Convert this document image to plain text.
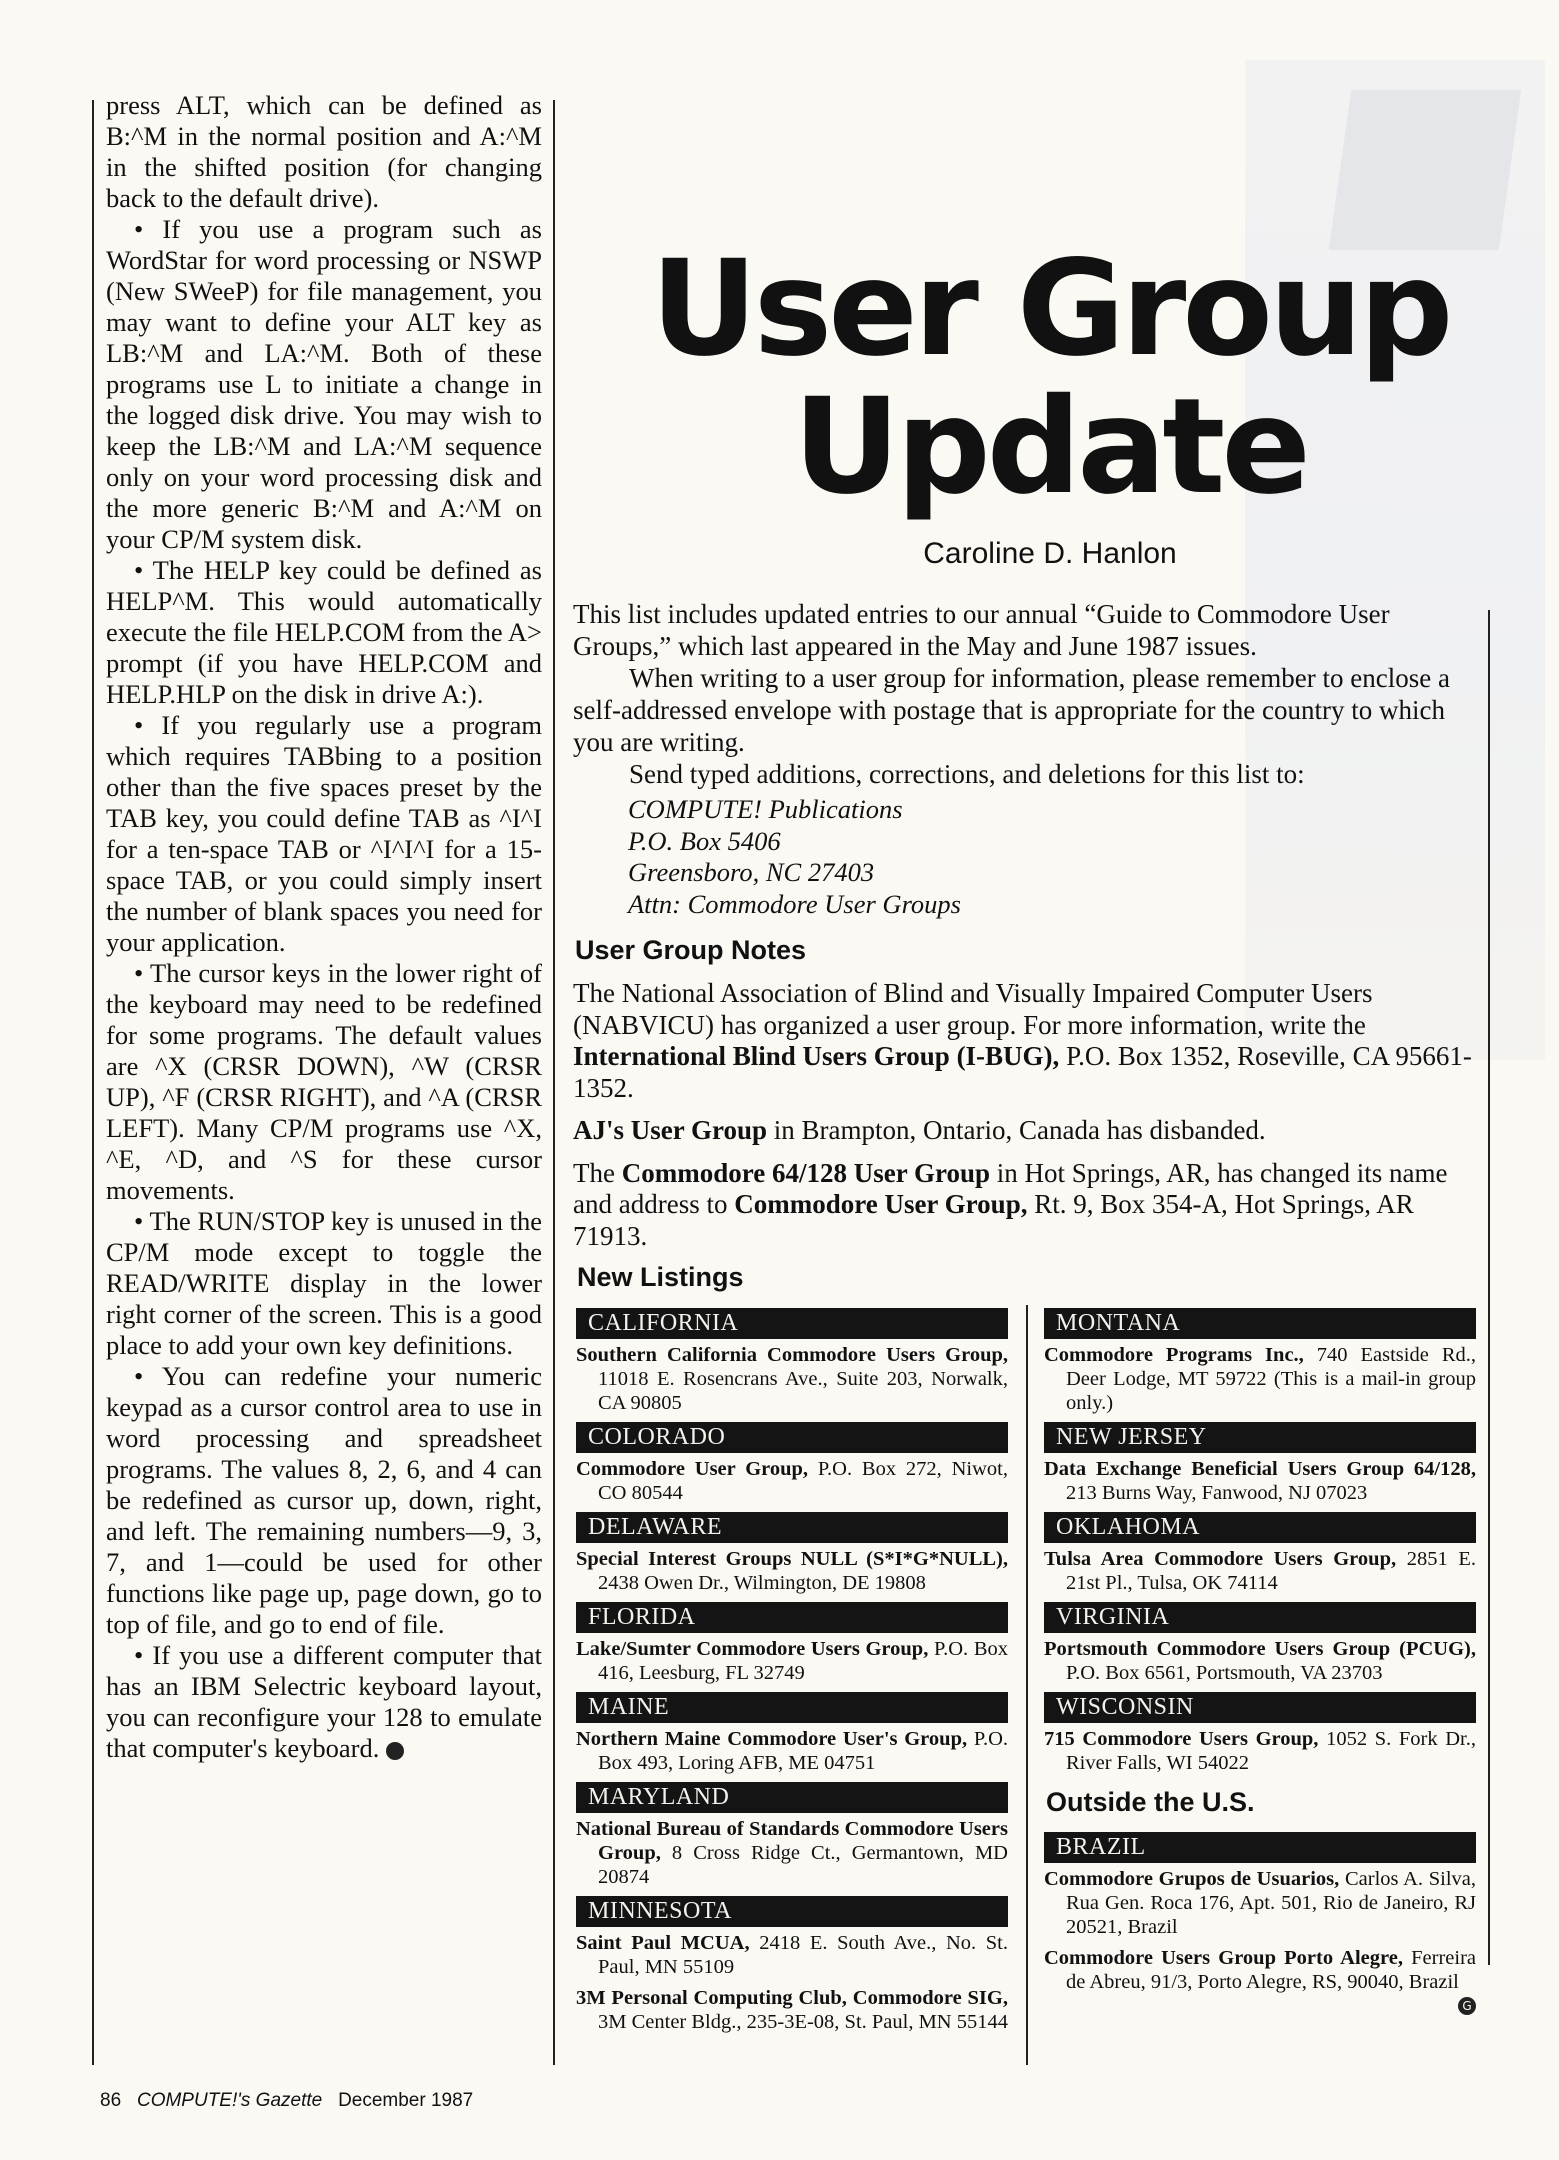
press ALT, which can be defined as B:^M in the normal position and A:^M in the shifted position (for changing back to the default drive).

• If you use a program such as WordStar for word processing or NSWP (New SWeeP) for file management, you may want to define your ALT key as LB:^M and LA:^M. Both of these programs use L to initiate a change in the logged disk drive. You may wish to keep the LB:^M and LA:^M sequence only on your word processing disk and the more generic B:^M and A:^M on your CP/M system disk.

• The HELP key could be defined as HELP^M. This would automatically execute the file HELP.COM from the A> prompt (if you have HELP.COM and HELP.HLP on the disk in drive A:).

• If you regularly use a program which requires TABbing to a position other than the five spaces preset by the TAB key, you could define TAB as ^I^I for a ten-space TAB or ^I^I^I for a 15-space TAB, or you could simply insert the number of blank spaces you need for your application.

• The cursor keys in the lower right of the keyboard may need to be redefined for some programs. The default values are ^X (CRSR DOWN), ^W (CRSR UP), ^F (CRSR RIGHT), and ^A (CRSR LEFT). Many CP/M programs use ^X, ^E, ^D, and ^S for these cursor movements.

• The RUN/STOP key is unused in the CP/M mode except to toggle the READ/WRITE display in the lower right corner of the screen. This is a good place to add your own key definitions.

• You can redefine your numeric keypad as a cursor control area to use in word processing and spreadsheet programs. The values 8, 2, 6, and 4 can be redefined as cursor up, down, right, and left. The remaining numbers—9, 3, 7, and 1—could be used for other functions like page up, page down, go to top of file, and go to end of file.

• If you use a different computer that has an IBM Selectric keyboard layout, you can reconfigure your 128 to emulate that computer's keyboard.	G

User Group
Update
Caroline D. Hanlon

This list includes updated entries to our annual “Guide to Commodore User Groups,” which last appeared in the May and June 1987 issues.

When writing to a user group for information, please remember to enclose a self-addressed envelope with postage that is appropriate for the country to which you are writing.

Send typed additions, corrections, and deletions for this list to:

COMPUTE! Publications
P.O. Box 5406
Greensboro, NC 27403
Attn: Commodore User Groups
User Group Notes

The National Association of Blind and Visually Impaired Computer Users (NABVICU) has organized a user group. For more information, write the International Blind Users Group (I-BUG), P.O. Box 1352, Roseville, CA 95661-1352.

AJ's User Group in Brampton, Ontario, Canada has disbanded.

The Commodore 64/128 User Group in Hot Springs, AR, has changed its name and address to Commodore User Group, Rt. 9, Box 354-A, Hot Springs, AR 71913.

New Listings
CALIFORNIA
Southern California Commodore Users Group, 11018 E. Rosencrans Ave., Suite 203, Norwalk, CA 90805
COLORADO
Commodore User Group, P.O. Box 272, Niwot, CO 80544
DELAWARE
Special Interest Groups NULL (S*I*G*NULL), 2438 Owen Dr., Wilmington, DE 19808
FLORIDA
Lake/Sumter Commodore Users Group, P.O. Box 416, Leesburg, FL 32749
MAINE
Northern Maine Commodore User's Group, P.O. Box 493, Loring AFB, ME 04751
MARYLAND
National Bureau of Standards Commodore Users Group, 8 Cross Ridge Ct., Germantown, MD 20874
MINNESOTA
Saint Paul MCUA, 2418 E. South Ave., No. St. Paul, MN 55109
3M Personal Computing Club, Commodore SIG, 3M Center Bldg., 235-3E-08, St. Paul, MN 55144
MONTANA
Commodore Programs Inc., 740 Eastside Rd., Deer Lodge, MT 59722 (This is a mail-in group only.)
NEW JERSEY
Data Exchange Beneficial Users Group 64/128, 213 Burns Way, Fanwood, NJ 07023
OKLAHOMA
Tulsa Area Commodore Users Group, 2851 E. 21st Pl., Tulsa, OK 74114
VIRGINIA
Portsmouth Commodore Users Group (PCUG), P.O. Box 6561, Portsmouth, VA 23703
WISCONSIN
715 Commodore Users Group, 1052 S. Fork Dr., River Falls, WI 54022
Outside the U.S.
BRAZIL
Commodore Grupos de Usuarios, Carlos A. Silva, Rua Gen. Roca 176, Apt. 501, Rio de Janeiro, RJ 20521, Brazil
Commodore Users Group Porto Alegre, Ferreira de Abreu, 91/3, Porto Alegre, RS, 90040, Brazil
G
86 COMPUTE!'s Gazette December 1987
